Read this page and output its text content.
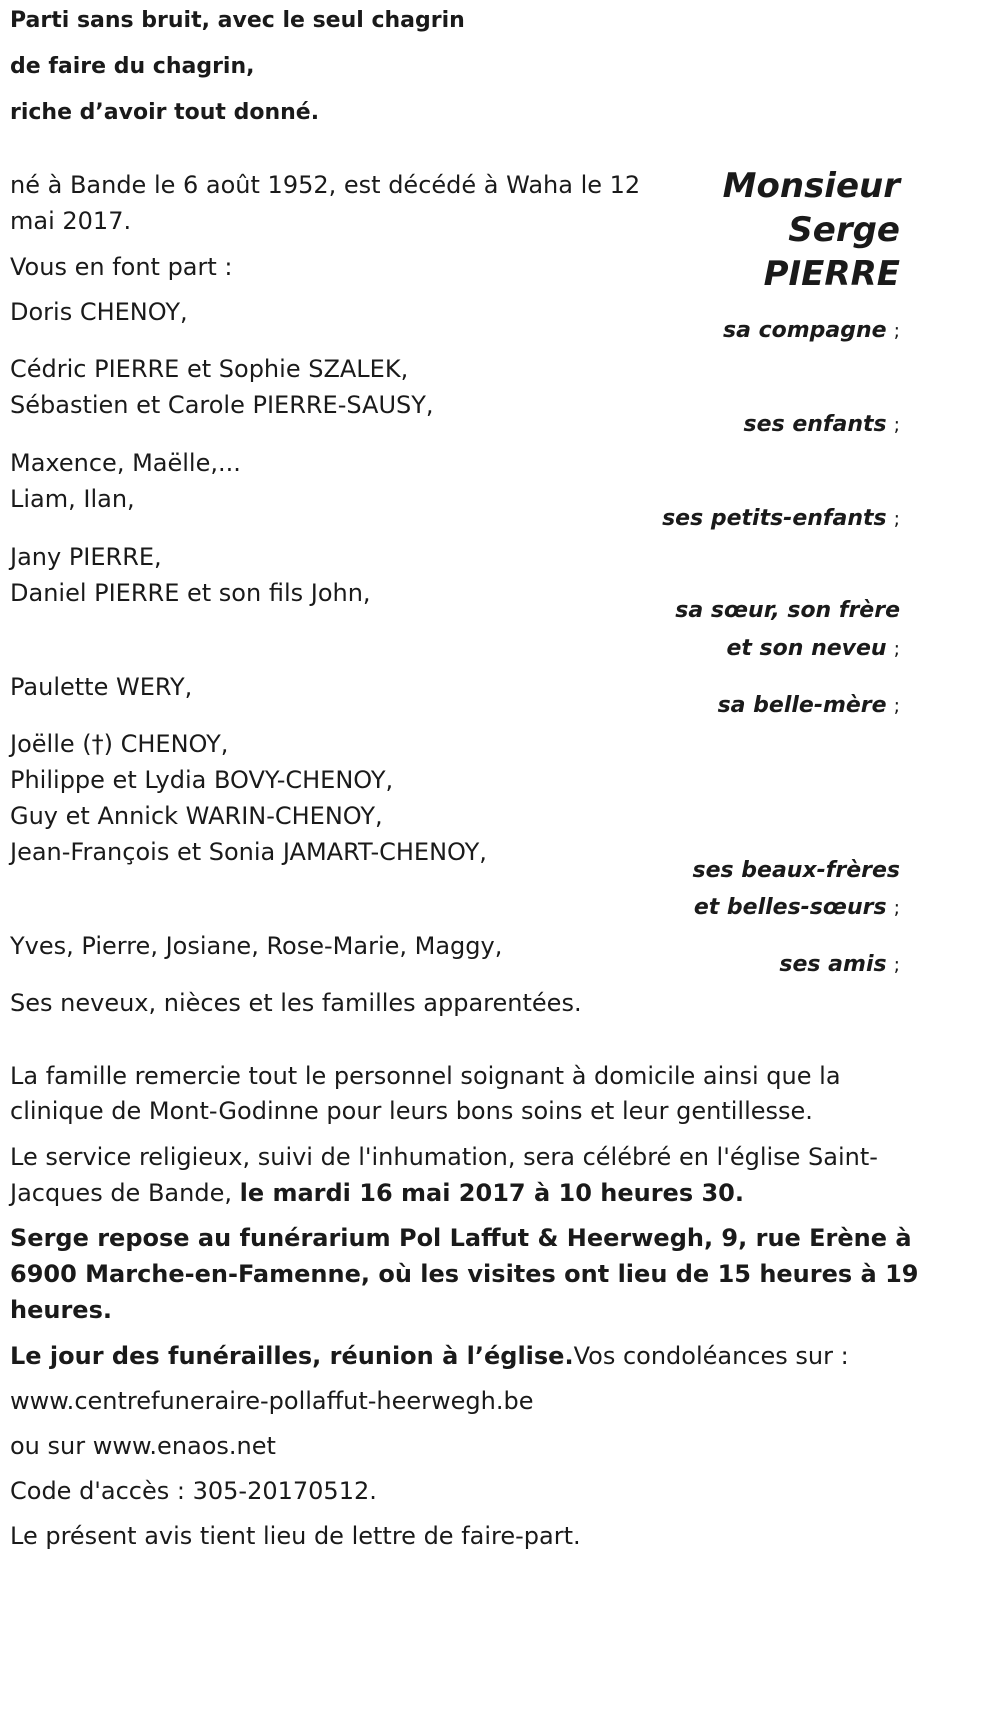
Parti sans bruit, avec le seul chagrin
de faire du chagrin,
riche d’avoir tout donné.
Monsieur
Serge
PIERRE
né à Bande le 6 août 1952, est décédé à Waha le 12
mai 2017.
Vous en font part :
Doris CHENOY,
sa compagne ;
Cédric PIERRE et Sophie SZALEK,
Sébastien et Carole PIERRE-SAUSY,
ses enfants ;
Maxence, Maëlle,...
Liam, Ilan,
ses petits-enfants ;
Jany PIERRE,
Daniel PIERRE et son fils John,
sa sœur, son frère
et son neveu ;
Paulette WERY,
sa belle-mère ;
Joëlle (†) CHENOY,
Philippe et Lydia BOVY-CHENOY,
Guy et Annick WARIN-CHENOY,
Jean-François et Sonia JAMART-CHENOY,
ses beaux-frères
et belles-sœurs ;
Yves, Pierre, Josiane, Rose-Marie, Maggy,
ses amis ;
Ses neveux, nièces et les familles apparentées.
La famille remercie tout le personnel soignant à domicile ainsi que la
clinique de Mont-Godinne pour leurs bons soins et leur gentillesse.
Le service religieux, suivi de l'inhumation, sera célébré en l'église Saint-
Jacques de Bande, le mardi 16 mai 2017 à 10 heures 30.
Serge repose au funérarium Pol Laffut & Heerwegh, 9, rue Erène à
6900 Marche-en-Famenne, où les visites ont lieu de 15 heures à 19
heures.
Le jour des funérailles, réunion à l’église.Vos condoléances sur :
www.centrefuneraire-pollaffut-heerwegh.be
ou sur www.enaos.net
Code d'accès : 305-20170512.
Le présent avis tient lieu de lettre de faire-part.
